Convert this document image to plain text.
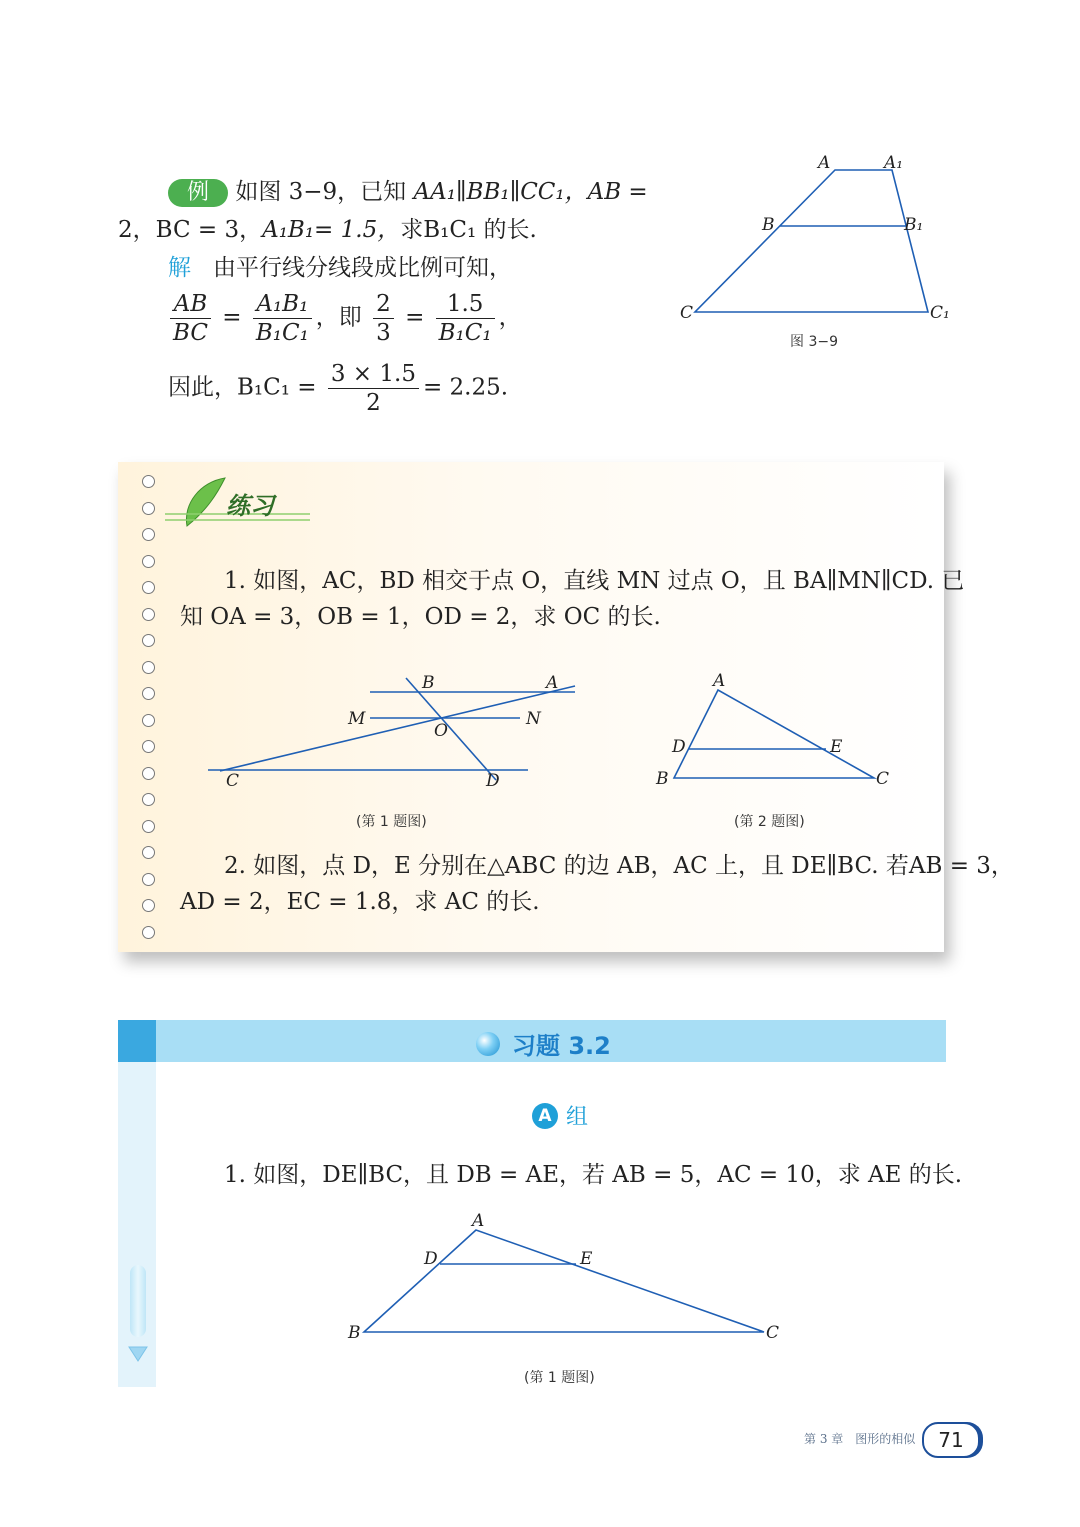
例 如图 3−9，已知 AA₁∥BB₁∥CC₁，AB =
2，BC = 3，A₁B₁= 1.5，求B₁C₁ 的长.
解 由平行线分线段成比例可知，
$\frac{AB}{BC} = \frac{\text{A₁B₁}}{\text{B₁C₁}}$ ，即 $\frac{2}{3} = \frac{1.5}{\text{B₁C₁}}$ ，
因此，$B_1C_1 = \frac{3 \times 1.5}{2} = 2.25$.
A	A₁
B	B₁
C	C₁
图 3−9
练习
1. 如图，AC，BD 相交于点 O，直线 MN 过点 O，且 BA∥MN∥CD. 已
知 OA = 3，OB = 1，OD = 2，求 OC 的长.
B	A
M	N
O
C	D
(第 1 题图)
A
D	E
B	C
(第 2 题图)
2. 如图，点 D，E 分别在△ABC 的边 AB，AC 上，且 DE∥BC. 若AB = 3，
AD = 2，EC = 1.8，求 AC 的长.
习题 3.2
A 组
1. 如图，DE∥BC，且 DB = AE，若 AB = 5，AC = 10，求 AE 的长.
A
D	E
B	C
(第 1 题图)
第 3 章　图形的相似	71
